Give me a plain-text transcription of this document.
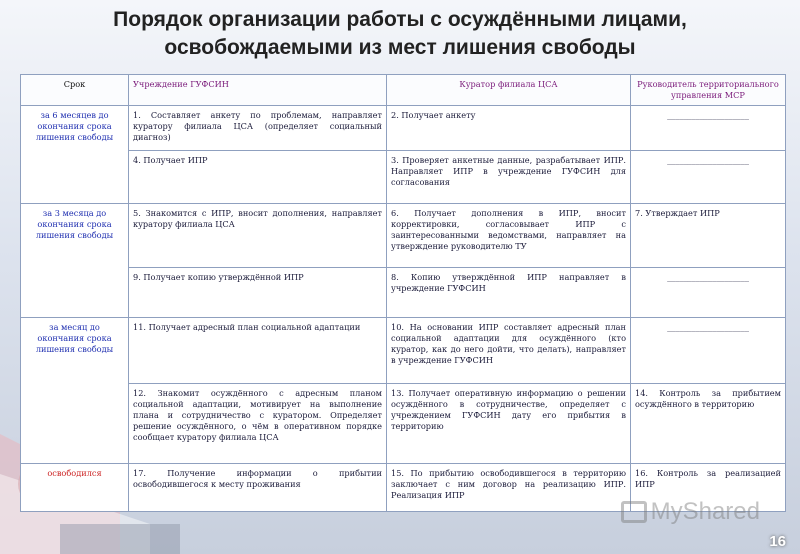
Порядок организации работы с осуждёнными лицами,
освобождаемыми из мест лишения свободы
Срок	Учреждение ГУФСИН	Куратор филиала ЦСА	Руководитель территориального управления МСР
за 6 месяцев до окончания срока лишения свободы	1. Составляет анкету по проблемам, направляет куратору филиала ЦСА (определяет социальный диагноз)	2. Получает анкету	____________________
	4. Получает ИПР	3. Проверяет анкетные данные, разрабатывает ИПР. Направляет ИПР в учреждение ГУФСИН для согласования	____________________
за 3 месяца до окончания срока лишения свободы	5. Знакомится с ИПР, вносит дополнения, направляет куратору филиала ЦСА	6. Получает дополнения в ИПР, вносит корректировки, согласовывает ИПР с заинтересованными ведомствами, направляет на утверждение руководителю ТУ	7. Утверждает ИПР
	9. Получает копию утверждённой ИПР	8. Копию утверждённой ИПР направляет в учреждение ГУФСИН	____________________
за месяц до окончания срока лишения свободы	11. Получает адресный план социальной адаптации	10. На основании ИПР составляет адресный план социальной адаптации для осуждённого (кто куратор, как до него дойти, что делать), направляет в учреждение ГУФСИН	____________________
	12. Знакомит осуждённого с адресным планом социальной адаптации, мотивирует на выполнение плана и сотрудничество с куратором. Определяет решение осуждённого, о чём в оперативном порядке сообщает куратору филиала ЦСА	13. Получает оперативную информацию о решении осуждённого в сотрудничестве, определяет с учреждением ГУФСИН дату его прибытия в территорию	14. Контроль за прибытием осуждённого в территорию
освободился	17. Получение информации о прибытии освободившегося к месту проживания	15. По прибытию освободившегося в территорию заключает с ним договор на реализацию ИПР. Реализация ИПР	16. Контроль за реализацией ИПР
MyShared
16
